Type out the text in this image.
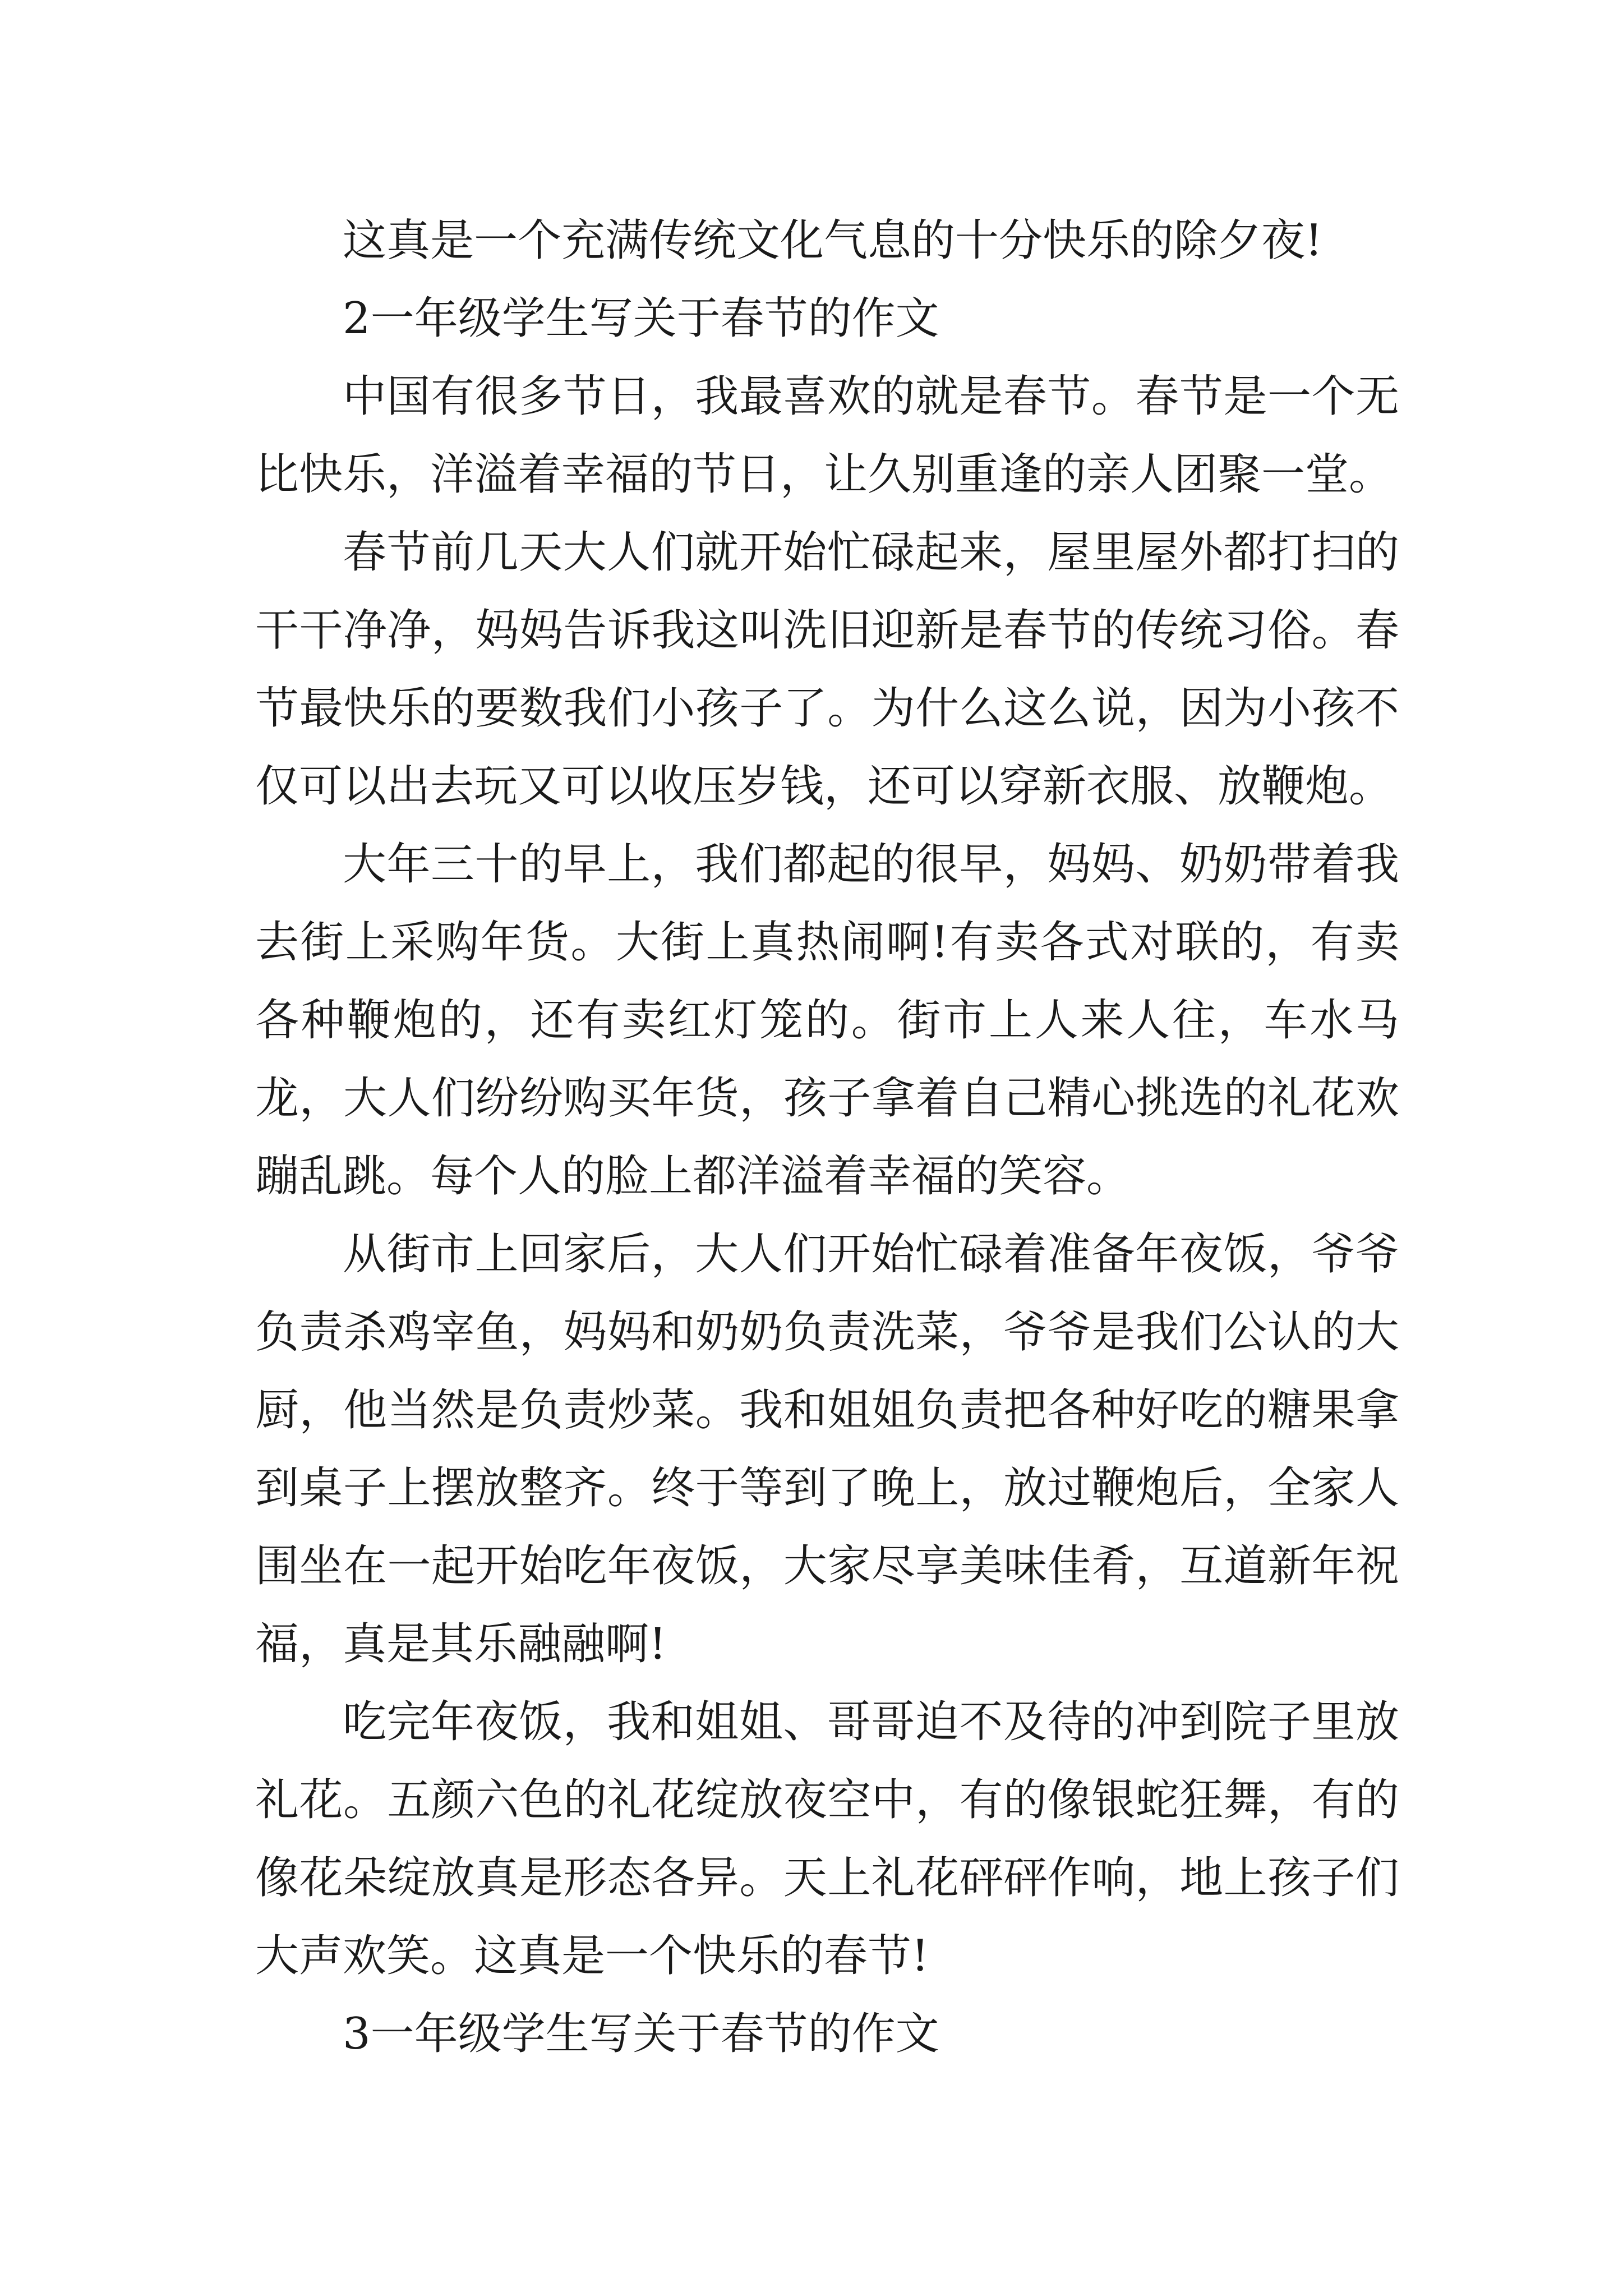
这真是一个充满传统文化气息的十分快乐的除夕夜!

2一年级学生写关于春节的作文

中国有很多节日，我最喜欢的就是春节。春节是一个无比快乐，洋溢着幸福的节日，让久别重逢的亲人团聚一堂。

春节前几天大人们就开始忙碌起来，屋里屋外都打扫的干干净净，妈妈告诉我这叫洗旧迎新是春节的传统习俗。春节最快乐的要数我们小孩子了。为什么这么说，因为小孩不仅可以出去玩又可以收压岁钱，还可以穿新衣服、放鞭炮。

大年三十的早上，我们都起的很早，妈妈、奶奶带着我去街上采购年货。大街上真热闹啊!有卖各式对联的，有卖各种鞭炮的，还有卖红灯笼的。街市上人来人往，车水马龙，大人们纷纷购买年货，孩子拿着自己精心挑选的礼花欢蹦乱跳。每个人的脸上都洋溢着幸福的笑容。

从街市上回家后，大人们开始忙碌着准备年夜饭，爷爷负责杀鸡宰鱼，妈妈和奶奶负责洗菜，爷爷是我们公认的大厨，他当然是负责炒菜。我和姐姐负责把各种好吃的糖果拿到桌子上摆放整齐。终于等到了晚上，放过鞭炮后，全家人围坐在一起开始吃年夜饭，大家尽享美味佳肴，互道新年祝福，真是其乐融融啊!

吃完年夜饭，我和姐姐、哥哥迫不及待的冲到院子里放礼花。五颜六色的礼花绽放夜空中，有的像银蛇狂舞，有的像花朵绽放真是形态各异。天上礼花砰砰作响，地上孩子们大声欢笑。这真是一个快乐的春节!

3一年级学生写关于春节的作文
